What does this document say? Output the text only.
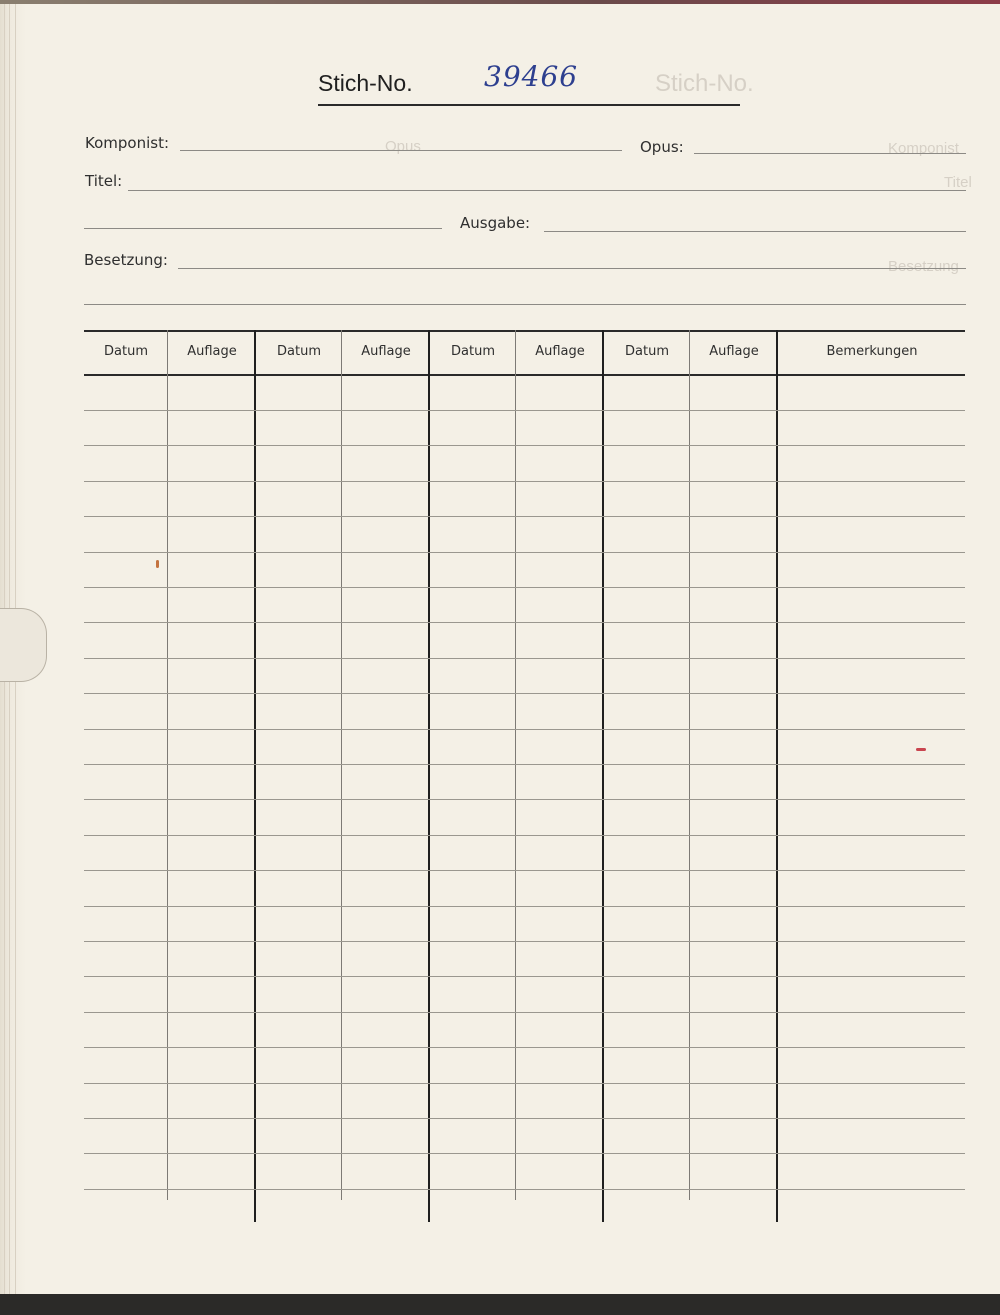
Stich-No.
Opus	Komponist
Titel
Besetzung
Stich-No.	39466
Komponist:	Opus:
Titel:
Ausgabe:
Besetzung:
Datum	Auflage	Datum	Auflage	Datum	Auflage	Datum	Auflage	Bemerkungen
